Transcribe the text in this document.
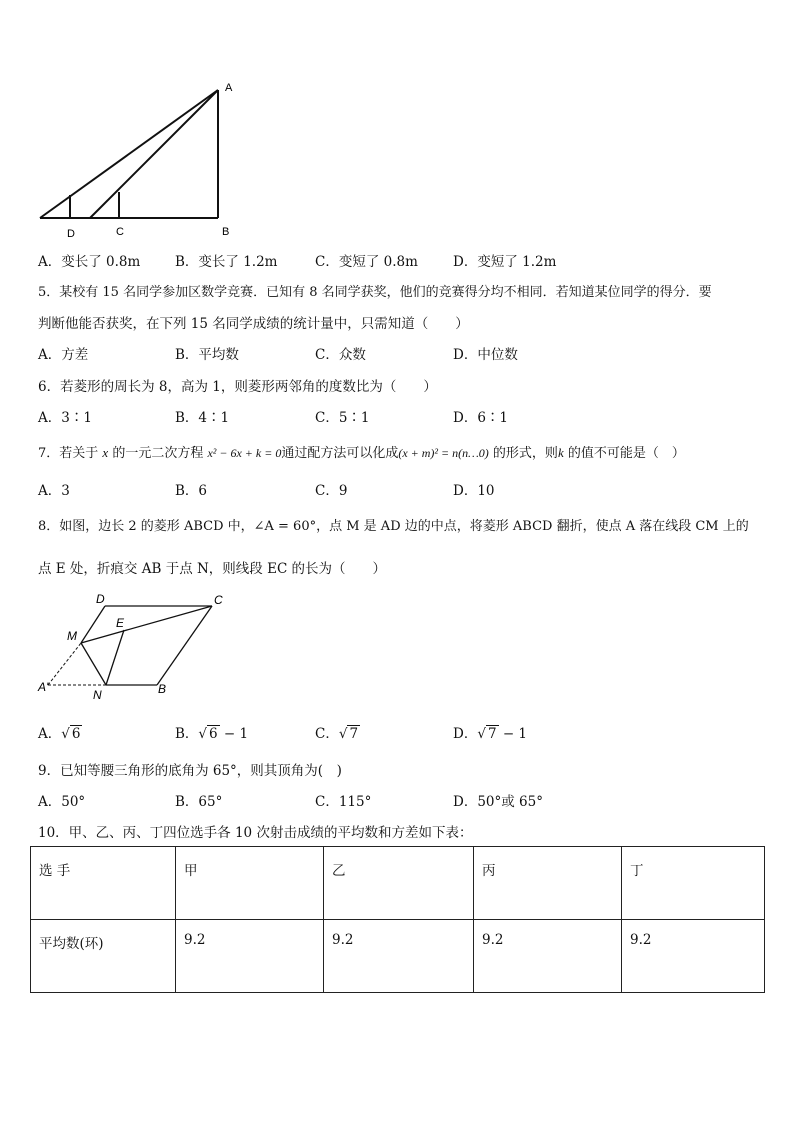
A
B
C
D
A．变长了 0.8m	B．变长了 1.2m	C．变短了 0.8m	D．变短了 1.2m
5．某校有 15 名同学参加区数学竞赛．已知有 8 名同学获奖，他们的竞赛得分均不相同．若知道某位同学的得分．要
判断他能否获奖，在下列 15 名同学成绩的统计量中，只需知道（　　）
A．方差	B．平均数	C．众数	D．中位数
6．若菱形的周长为 8，高为 1，则菱形两邻角的度数比为（　　）
A．3∶1	B．4∶1	C．5∶1	D．6∶1
7．若关于 x 的一元二次方程 x² − 6x + k = 0通过配方法可以化成(x + m)² = n(n…0) 的形式，则k 的值不可能是（　）
A．3	B．6	C．9	D．10
8．如图，边长 2 的菱形 ABCD 中，∠A = 60°，点 M 是 AD 边的中点，将菱形 ABCD 翻折，使点 A 落在线段 CM 上的
点 E 处，折痕交 AB 于点 N，则线段 EC 的长为（　　）
D	C
M
E
A'
N	B
A．√ 6	B．√ 6 − 1	C．√ 7	D．√ 7 − 1
9．已知等腰三角形的底角为 65°，则其顶角为(　)
A．50°	B．65°	C．115°	D．50°或 65°
10．甲、乙、丙、丁四位选手各 10 次射击成绩的平均数和方差如下表：
选 手	甲	乙	丙	丁
平均数(环)	9.2	9.2	9.2	9.2
